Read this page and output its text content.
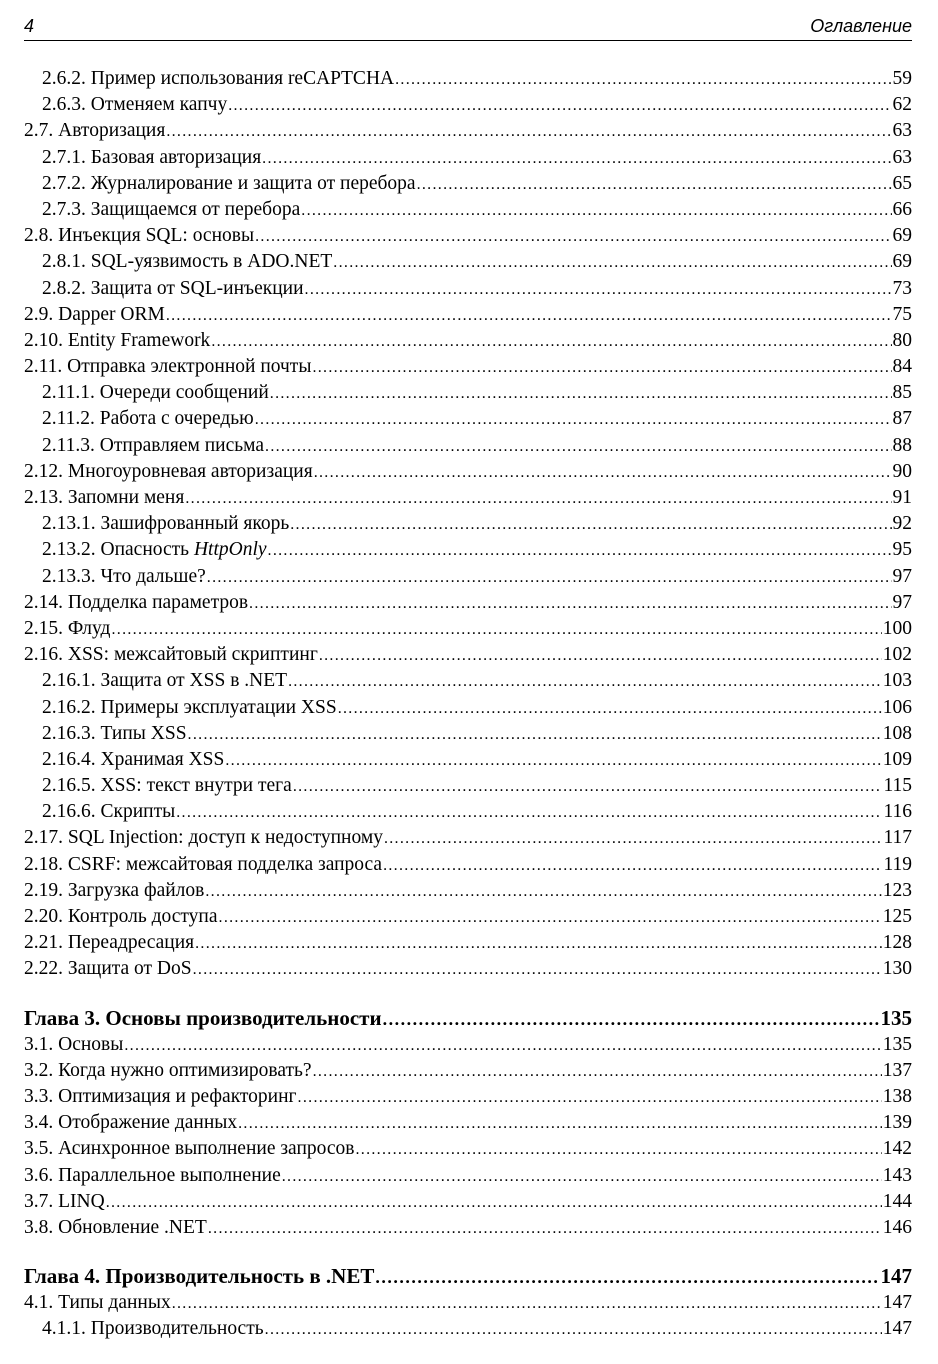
4	Оглавление
2.6.2. Пример использования reCAPTCHA .....	59
2.6.3. Отменяем капчу .....	62
2.7. Авторизация .....	63
2.7.1. Базовая авторизация .....	63
2.7.2. Журналирование и защита от перебора .....	65
2.7.3. Защищаемся от перебора .....	66
2.8. Инъекция SQL: основы .....	69
2.8.1. SQL-уязвимость в ADO.NET .....	69
2.8.2. Защита от SQL-инъекции .....	73
2.9. Dapper ORM .....	75
2.10. Entity Framework .....	80
2.11. Отправка электронной почты .....	84
2.11.1. Очереди сообщений .....	85
2.11.2. Работа с очередью .....	87
2.11.3. Отправляем письма .....	88
2.12. Многоуровневая авторизация .....	90
2.13. Запомни меня .....	91
2.13.1. Зашифрованный якорь .....	92
2.13.2. Опасность HttpOnly .....	95
2.13.3. Что дальше? .....	97
2.14. Подделка параметров .....	97
2.15. Флуд .....	100
2.16. XSS: межсайтовый скриптинг .....	102
2.16.1. Защита от XSS в .NET .....	103
2.16.2. Примеры эксплуатации XSS .....	106
2.16.3. Типы XSS .....	108
2.16.4. Хранимая XSS .....	109
2.16.5. XSS: текст внутри тега .....	115
2.16.6. Скрипты .....	116
2.17. SQL Injection: доступ к недоступному .....	117
2.18. CSRF: межсайтовая подделка запроса .....	119
2.19. Загрузка файлов .....	123
2.20. Контроль доступа .....	125
2.21. Переадресация .....	128
2.22. Защита от DoS .....	130
Глава 3. Основы производительности .....	135
3.1. Основы .....	135
3.2. Когда нужно оптимизировать? .....	137
3.3. Оптимизация и рефакторинг .....	138
3.4. Отображение данных .....	139
3.5. Асинхронное выполнение запросов .....	142
3.6. Параллельное выполнение .....	143
3.7. LINQ .....	144
3.8. Обновление .NET .....	146
Глава 4. Производительность в .NET .....	147
4.1. Типы данных .....	147
4.1.1. Производительность .....	147
